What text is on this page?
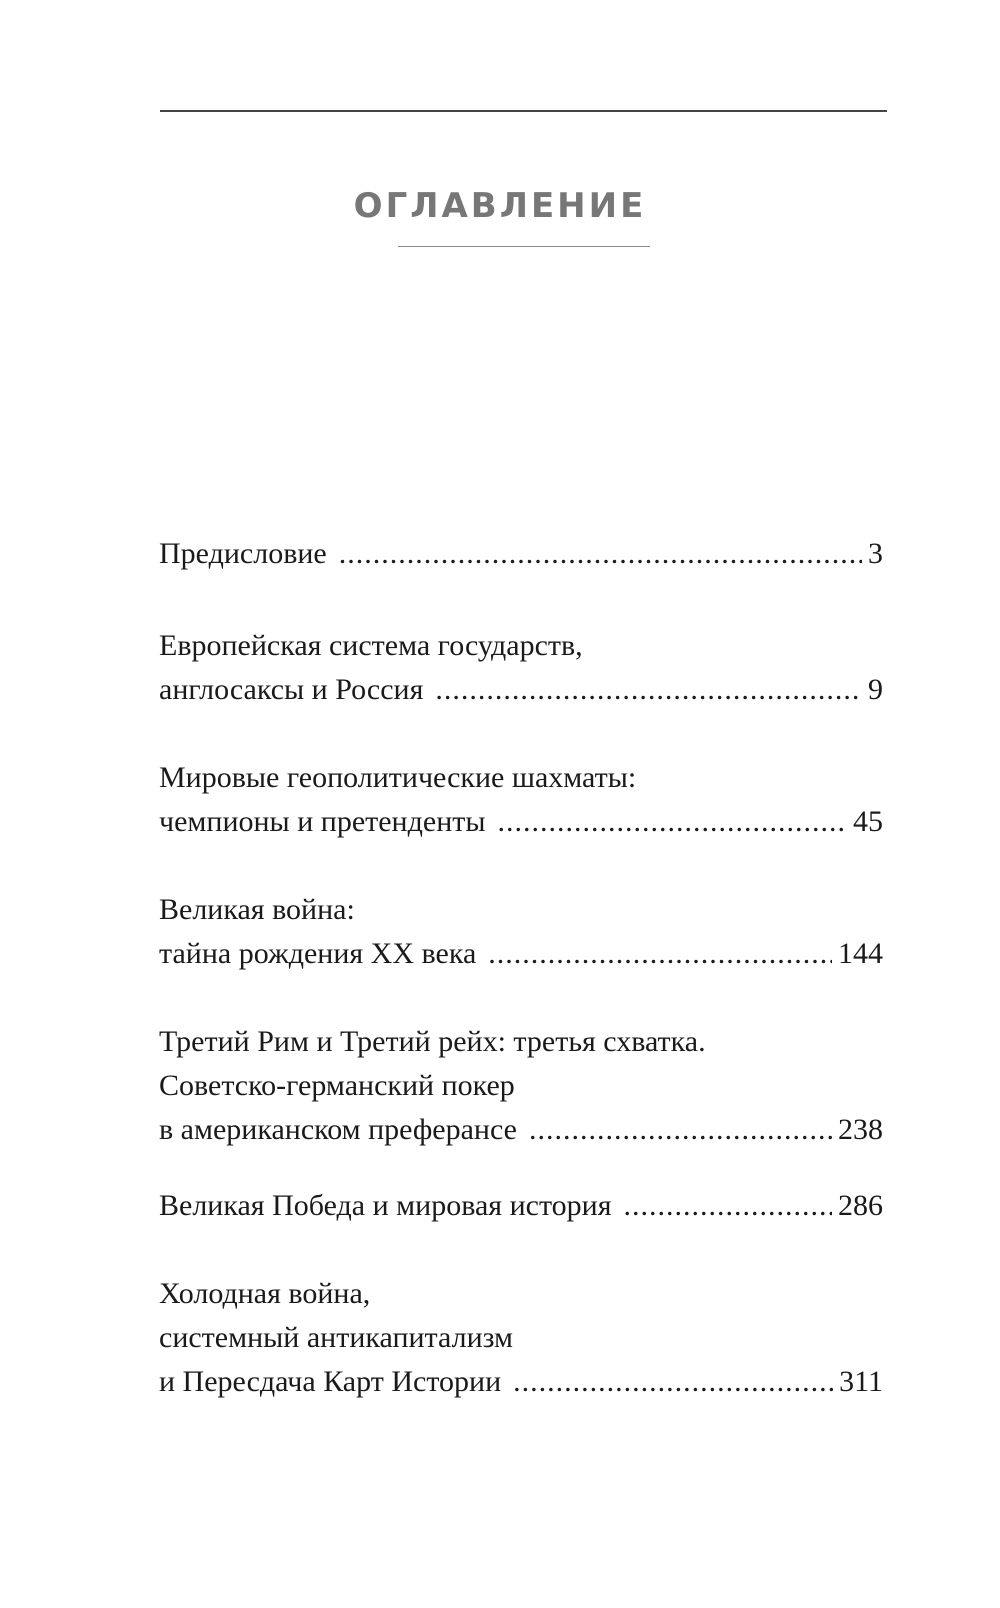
ОГЛАВЛЕНИЕ
Предисловие .....	3
Европейская система государств,
англосаксы и Россия .....	9
Мировые геополитические шахматы:
чемпионы и претенденты .....	45
Великая война:
тайна рождения XX века .....	144
Третий Рим и Третий рейх: третья схватка.
Советско-германский покер
в американском преферансе .....	238
Великая Победа и мировая история .....	286
Холодная война,
системный антикапитализм
и Пересдача Карт Истории .....	311
